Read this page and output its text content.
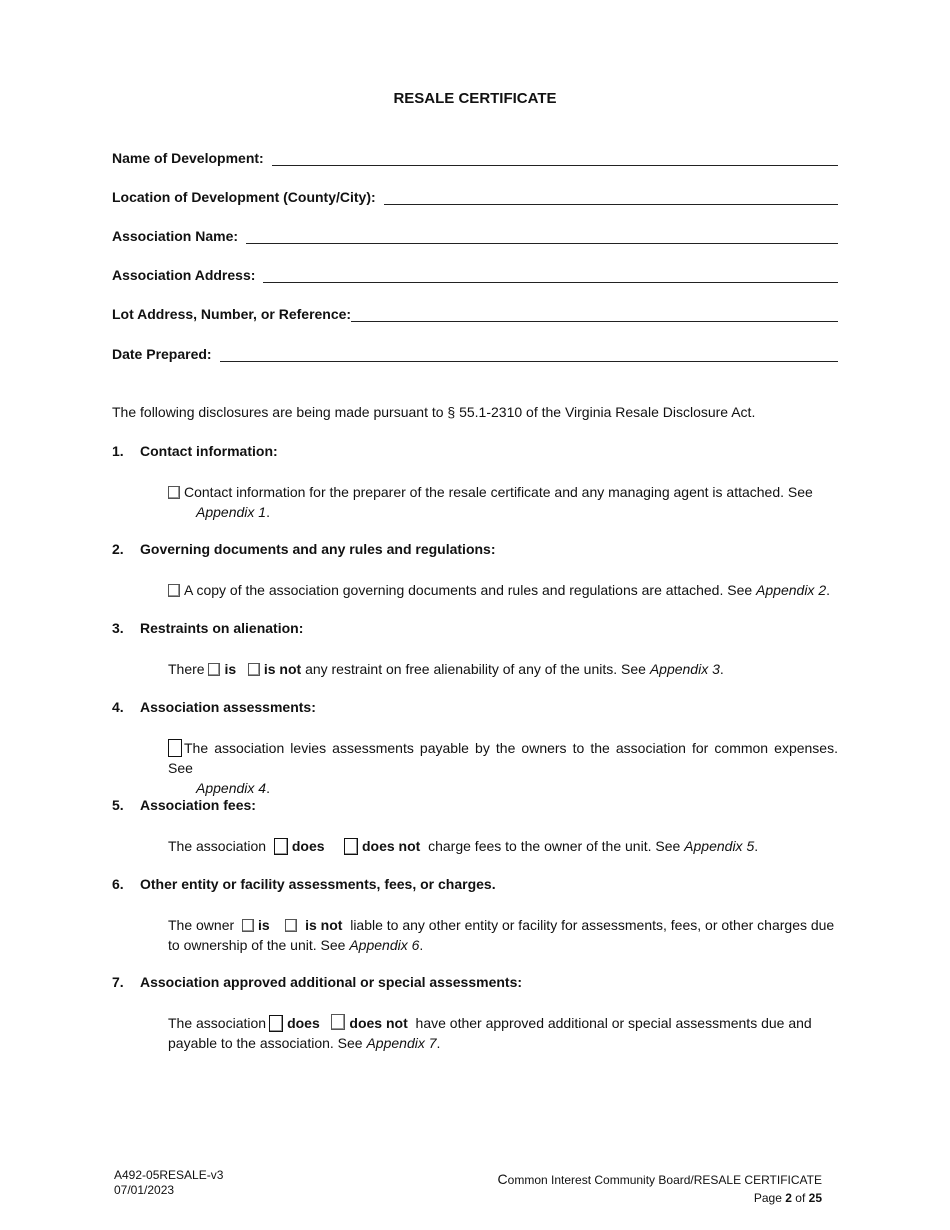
RESALE CERTIFICATE
Name of Development:
Location of Development (County/City):
Association Name:
Association Address:
Lot Address, Number, or Reference:
Date Prepared:
The following disclosures are being made pursuant to § 55.1-2310 of the Virginia Resale Disclosure Act.
1. Contact information:
Contact information for the preparer of the resale certificate and any managing agent is attached. See
Appendix 1.
2. Governing documents and any rules and regulations:
A copy of the association governing documents and rules and regulations are attached. See Appendix 2.
3. Restraints on alienation:
There is is not any restraint on free alienability of any of the units. See Appendix 3.
4. Association assessments:
The association levies assessments payable by the owners to the association for common expenses. See
Appendix 4.
5. Association fees:
The association does	does not charge fees to the owner of the unit. See Appendix 5.
6. Other entity or facility assessments, fees, or charges.
The owner is	is not liable to any other entity or facility for assessments, fees, or other charges due
to ownership of the unit. See Appendix 6.
7. Association approved additional or special assessments:
The association does does not have other approved additional or special assessments due and
payable to the association. See Appendix 7.
A492-05RESALE-v3
07/01/2023
Common Interest Community Board/RESALE CERTIFICATE
Page 2 of 25
